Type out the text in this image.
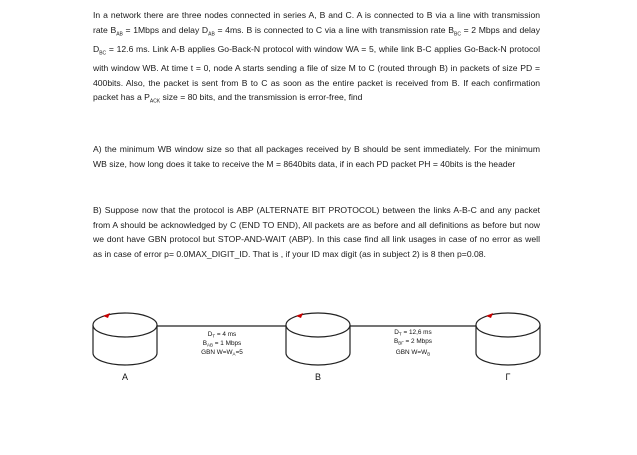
In a network there are three nodes connected in series A, B and C. A is connected to B via a line with transmission rate $B_{AB}$ = 1Mbps and delay $D_{AB} = 4ms$. B is connected to C via a line with transmission rate $B_{BC} = 2$ Mbps and delay $D_{BC} = 12.6$ ms. Link A-B applies Go-Back-N protocol with window WA = 5, while link B-C applies Go-Back-N protocol with window WB. At time t = 0, node A starts sending a file of size M to C (routed through B) in packets of size PD = 400bits. Also, the packet is sent from B to C as soon as the entire packet is received from B. If each confirmation packet has a $P_{ACK}$ size = 80 bits, and the transmission is error-free, find

A) the minimum WB window size so that all packages received by B should be sent immediately. For the minimum WB size, how long does it take to receive the M = 8640bits data, if in each PD packet PH = 40bits is the header

B) Suppose now that the protocol is ABP (ALTERNATE BIT PROTOCOL) between the links A-B-C and any packet from A should be acknowledged by C (END TO END), All packets are as before and all definitions as before but now we dont have GBN protocol but STOP-AND-WAIT (ABP). In this case find all link usages in case of no error as well as in case of error p= 0.0MAX_DIGIT_ID. That is , if your ID max digit (as in subject 2) is 8 then p=0.08.

A	B	Γ
$D_T = 4$ ms
$B_{AB} = 1$ Mbps
GBN $W=W_A=5$
$D_T = 12,6$ ms
$B_{B\Gamma} = 2$ Mbps
GBN $W=W_B$
